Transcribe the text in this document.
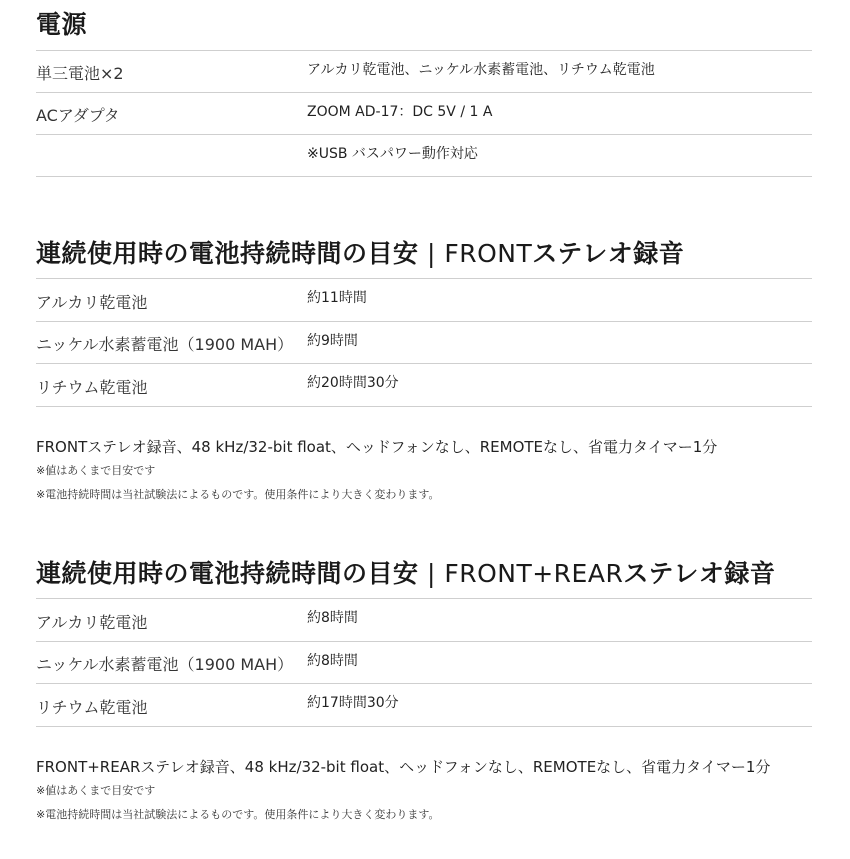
電源
単三電池×2	アルカリ乾電池、ニッケル水素蓄電池、リチウム乾電池
ACアダプタ	ZOOM AD-17：DC 5V / 1 A
※USB バスパワー動作対応
連続使用時の電池持続時間の目安 | FRONTステレオ録音
アルカリ乾電池	約11時間
ニッケル水素蓄電池（1900 MAH） 約9時間
リチウム乾電池	約20時間30分
FRONTステレオ録音、48 kHz/32-bit float、ヘッドフォンなし、REMOTEなし、省電力タイマー1分
※値はあくまで目安です
※電池持続時間は当社試験法によるものです。使用条件により大きく変わります。
連続使用時の電池持続時間の目安 | FRONT+REARステレオ録音
アルカリ乾電池	約8時間
ニッケル水素蓄電池（1900 MAH） 約8時間
リチウム乾電池	約17時間30分
FRONT+REARステレオ録音、48 kHz/32-bit float、ヘッドフォンなし、REMOTEなし、省電力タイマー1分
※値はあくまで目安です
※電池持続時間は当社試験法によるものです。使用条件により大きく変わります。
